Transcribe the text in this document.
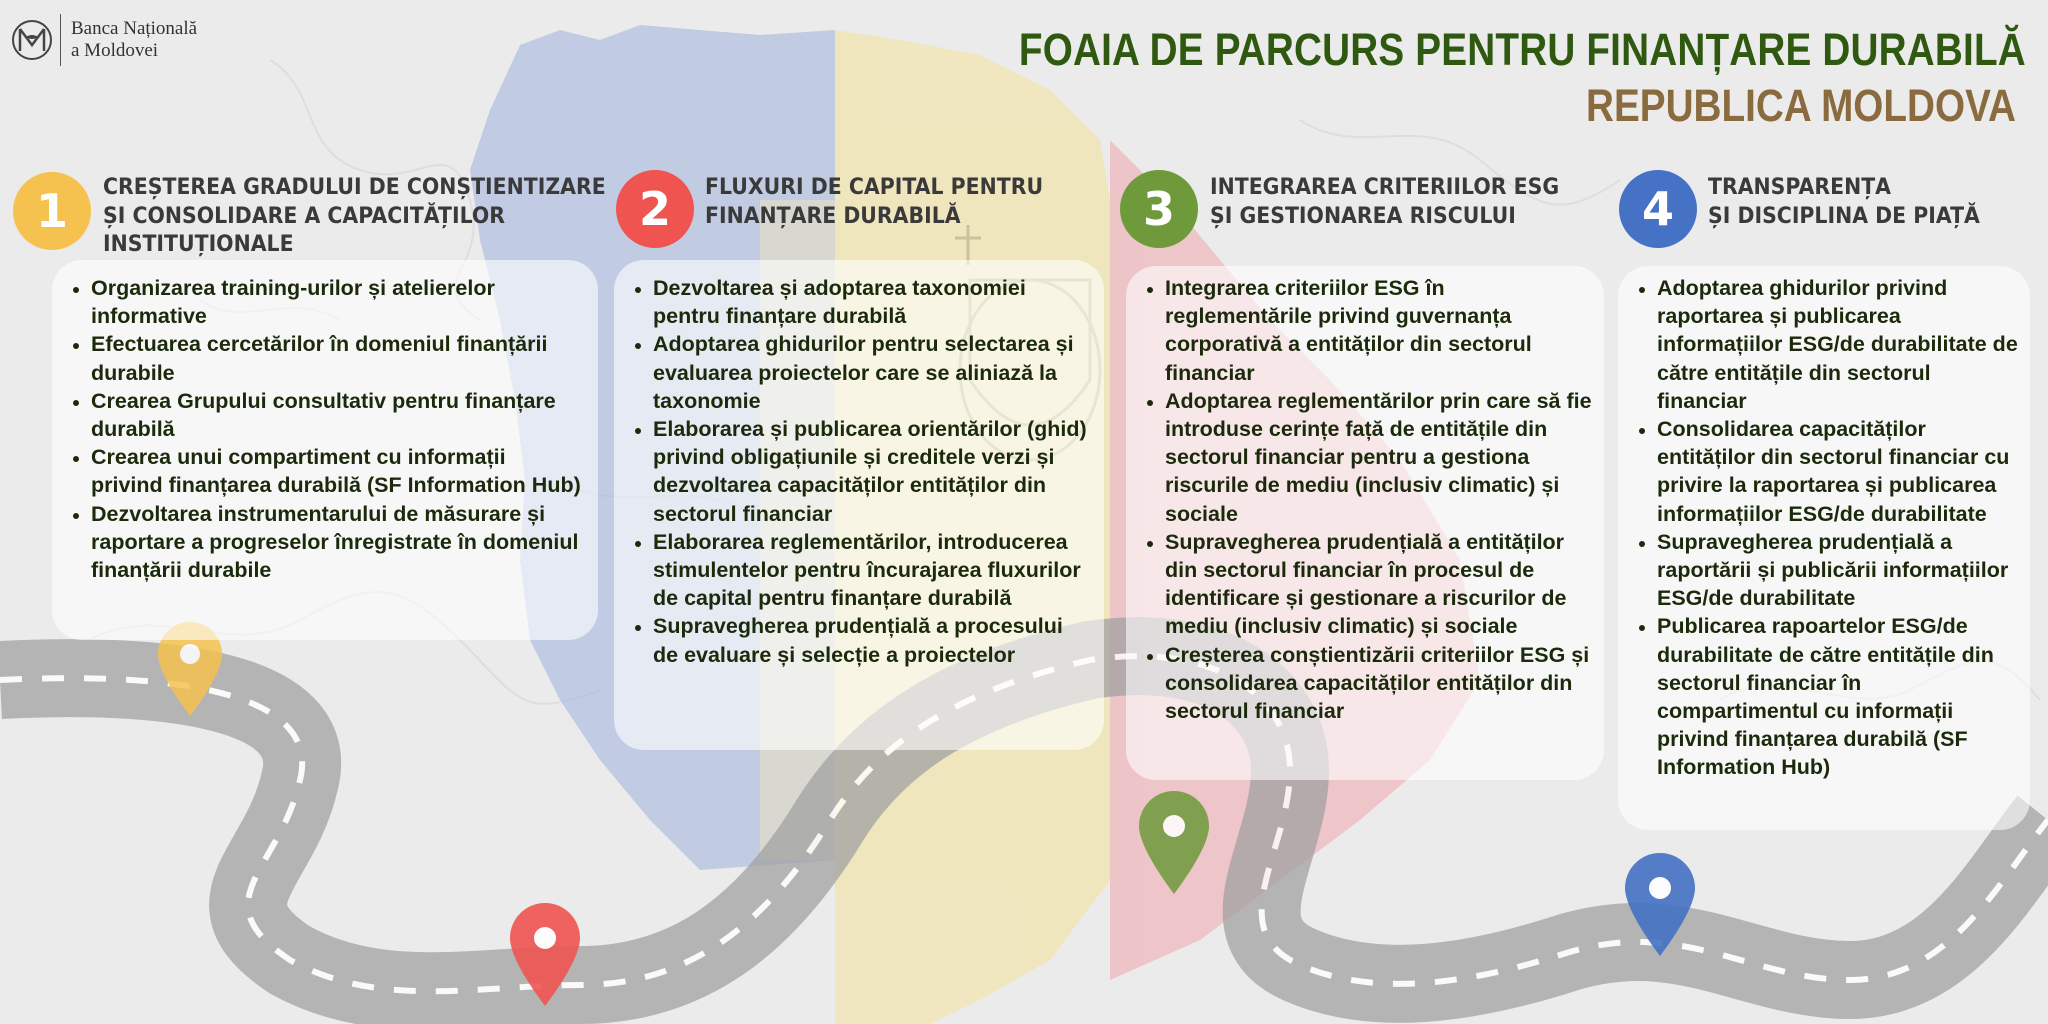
Banca Națională
a Moldovei	FOAIA DE PARCURS PENTRU FINANȚARE DURABILĂ
REPUBLICA MOLDOVA
1	CREȘTEREA GRADULUI DE CONȘTIENTIZARE
ȘI CONSOLIDARE A CAPACITĂȚILOR
INSTITUȚIONALE
• Organizarea training-urilor și atelierelor informative
• Efectuarea cercetărilor în domeniul finanțării durabile
• Crearea Grupului consultativ pentru finanțare durabilă
• Crearea unui compartiment cu informații privind finanțarea durabilă (SF Information Hub)
• Dezvoltarea instrumentarului de măsurare și raportare a progreselor înregistrate în domeniul finanțării durabile
2	FLUXURI DE CAPITAL PENTRU
FINANȚARE DURABILĂ
• Dezvoltarea și adoptarea taxonomiei pentru finanțare durabilă
• Adoptarea ghidurilor pentru selectarea și evaluarea proiectelor care se aliniază la taxonomie
• Elaborarea și publicarea orientărilor (ghid) privind obligațiunile și creditele verzi și dezvoltarea capacităților entităților din sectorul financiar
• Elaborarea reglementărilor, introducerea stimulentelor pentru încurajarea fluxurilor de capital pentru finanțare durabilă
• Supravegherea prudențială a procesului de evaluare și selecție a proiectelor
3	INTEGRAREA CRITERIILOR ESG
ȘI GESTIONAREA RISCULUI
• Integrarea criteriilor ESG în reglementările privind guvernanța corporativă a entităților din sectorul financiar
• Adoptarea reglementărilor prin care să fie introduse cerințe față de entitățile din sectorul financiar pentru a gestiona riscurile de mediu (inclusiv climatic) și sociale
• Supravegherea prudențială a entităților din sectorul financiar în procesul de identificare și gestionare a riscurilor de mediu (inclusiv climatic) și sociale
• Creșterea conștientizării criteriilor ESG și consolidarea capacităților entităților din sectorul financiar
4	TRANSPARENȚA
ȘI DISCIPLINA DE PIAȚĂ
• Adoptarea ghidurilor privind raportarea și publicarea informațiilor ESG/de durabilitate de către entitățile din sectorul financiar
• Consolidarea capacităților entităților din sectorul financiar cu privire la raportarea și publicarea informațiilor ESG/de durabilitate
• Supravegherea prudențială a raportării și publicării informațiilor ESG/de durabilitate
• Publicarea rapoartelor ESG/de durabilitate de către entitățile din sectorul financiar în compartimentul cu informații privind finanțarea durabilă (SF Information Hub)
